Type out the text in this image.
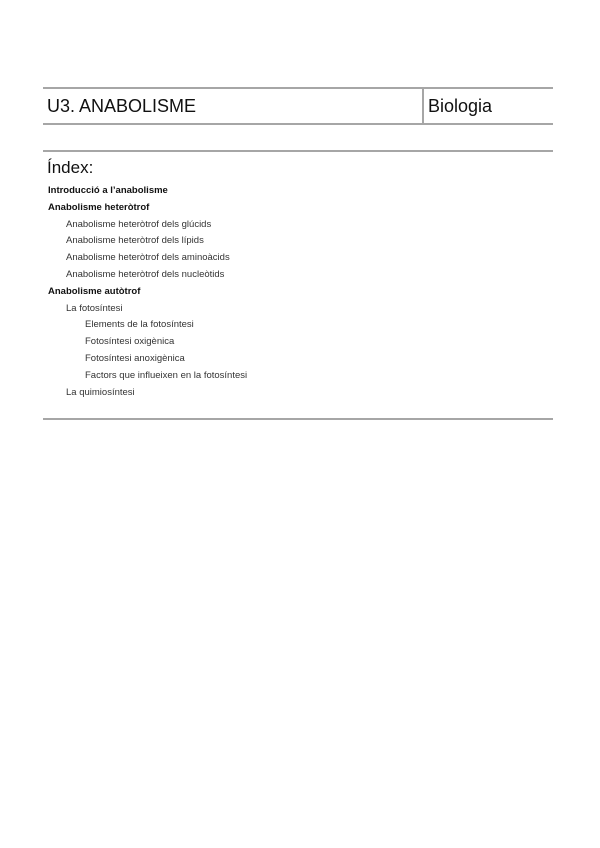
U3. ANABOLISME	Biologia
Índex:
Introducció a l’anabolisme
Anabolisme heteròtrof
Anabolisme heteròtrof dels glúcids
Anabolisme heteròtrof dels lípids
Anabolisme heteròtrof dels aminoàcids
Anabolisme heteròtrof dels nucleòtids
Anabolisme autòtrof
La fotosíntesi
Elements de la fotosíntesi
Fotosíntesi oxigènica
Fotosíntesi anoxigènica
Factors que influeixen en la fotosíntesi
La quimiosíntesi
